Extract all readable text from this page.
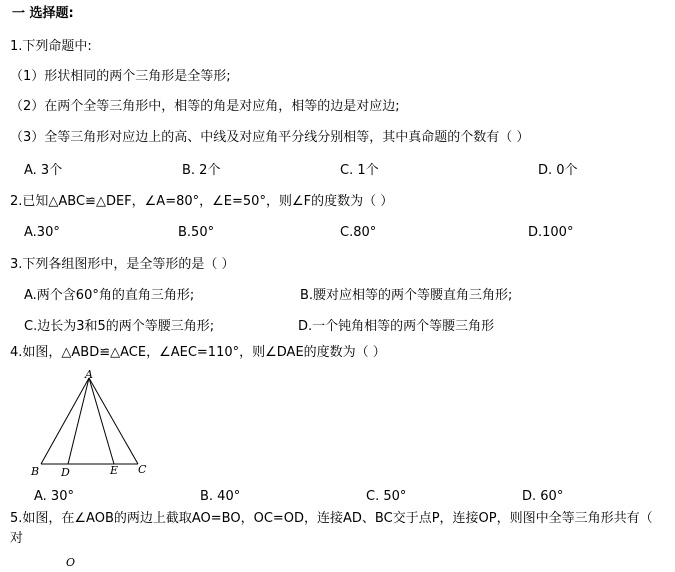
一 选择题:
1.下列命题中:
（1）形状相同的两个三角形是全等形;
（2）在两个全等三角形中，相等的角是对应角，相等的边是对应边;
（3）全等三角形对应边上的高、中线及对应角平分线分别相等，其中真命题的个数有（ ）
A. 3个	B. 2个	C. 1个	D. 0个
2.已知△ABC≌△DEF，∠A=80°，∠E=50°，则∠F的度数为（ ）
A.30°	B.50°	C.80°	D.100°
3.下列各组图形中，是全等形的是（ ）
A.两个含60°角的直角三角形;	B.腰对应相等的两个等腰直角三角形;
C.边长为3和5的两个等腰三角形;	D.一个钝角相等的两个等腰三角形
4.如图，△ABD≌△ACE，∠AEC=110°，则∠DAE的度数为（ ）
A
B D	E C
A. 30°	B. 40°	C. 50°	D. 60°
5.如图，在∠AOB的两边上截取AO=BO，OC=OD，连接AD、BC交于点P，连接OP，则图中全等三角形共有（
对
O
